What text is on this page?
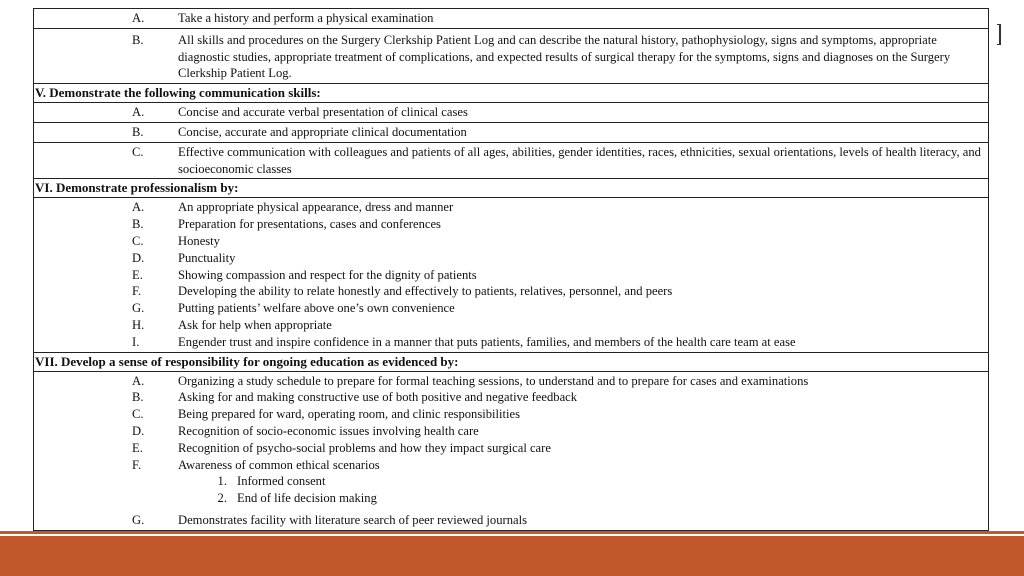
A.	Take a history and perform a physical examination
B.	All skills and procedures on the Surgery Clerkship Patient Log and can describe the natural history, pathophysiology, signs and symptoms, appropriate diagnostic studies, appropriate treatment of complications, and expected results of surgical therapy for the symptoms, signs and diagnoses on the Surgery Clerkship Patient Log.
V. Demonstrate the following communication skills:
A.	Concise and accurate verbal presentation of clinical cases
B.	Concise, accurate and appropriate clinical documentation
C.	Effective communication with colleagues and patients of all ages, abilities, gender identities, races, ethnicities, sexual orientations, levels of health literacy, and socioeconomic classes
VI. Demonstrate professionalism by:
A.	An appropriate physical appearance, dress and manner
B.	Preparation for presentations, cases and conferences
C.	Honesty
D.	Punctuality
E.	Showing compassion and respect for the dignity of patients
F.	Developing the ability to relate honestly and effectively to patients, relatives, personnel, and peers
G.	Putting patients’ welfare above one’s own convenience
H.	Ask for help when appropriate
I.	Engender trust and inspire confidence in a manner that puts patients, families, and members of the health care team at ease
VII. Develop a sense of responsibility for ongoing education as evidenced by:
A.	Organizing a study schedule to prepare for formal teaching sessions, to understand and to prepare for cases and examinations
B.	Asking for and making constructive use of both positive and negative feedback
C.	Being prepared for ward, operating room, and clinic responsibilities
D.	Recognition of socio-economic issues involving health care
E.	Recognition of psycho-social problems and how they impact surgical care
F.	Awareness of common ethical scenarios
1. Informed consent
2. End of life decision making
G.	Demonstrates facility with literature search of peer reviewed journals
